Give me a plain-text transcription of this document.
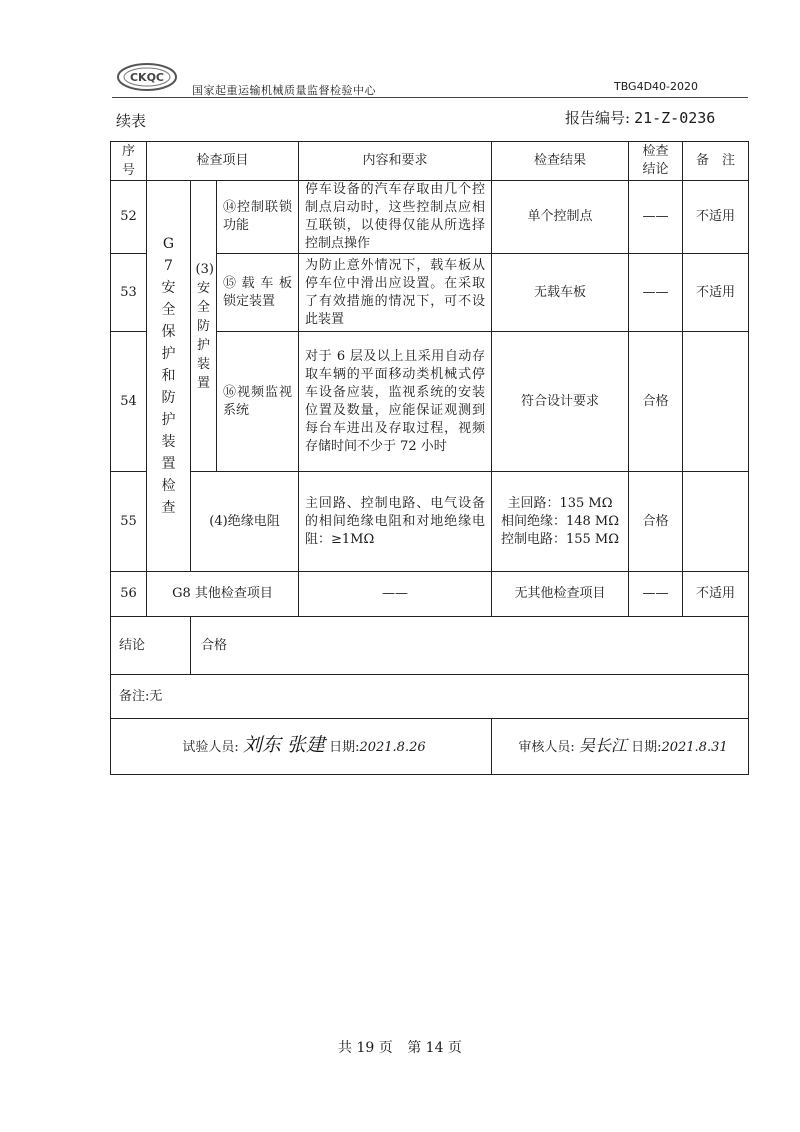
CKQC
国家起重运输机械质量监督检验中心	TBG4D40-2020
续表	报告编号: 21-Z-0236
序号	检查项目			内容和要求	检查结果	检查结论	备　注
52	G7安全保护和防护装置检查	(3)安全防护装置	⑭控制联锁功能	停车设备的汽车存取由几个控制点启动时，这些控制点应相互联锁，以使得仅能从所选择控制点操作	单个控制点	——	不适用
53			⑮ 载 车 板锁定装置	为防止意外情况下，载车板从停车位中滑出应设置。在采取了有效措施的情况下，可不设此装置	无载车板	——	不适用
54			⑯视频监视系统	对于 6 层及以上且采用自动存取车辆的平面移动类机械式停车设备应装，监视系统的安装位置及数量，应能保证观测到每台车进出及存取过程，视频存储时间不少于 72 小时	符合设计要求	合格	
55		(4)绝缘电阻		主回路、控制电路、电气设备的相间绝缘电阻和对地绝缘电阻：≥1MΩ	主回路：135 MΩ
相间绝缘：148 MΩ
控制电路：155 MΩ	合格	
56	G8 其他检查项目			——	无其他检查项目	——	不适用
结论		合格					
备注:无							
试验人员: 刘东 张建 日期:2021.8.26					审核人员: 吴长江 日期:2021.8.31		
共 19 页 第 14 页
